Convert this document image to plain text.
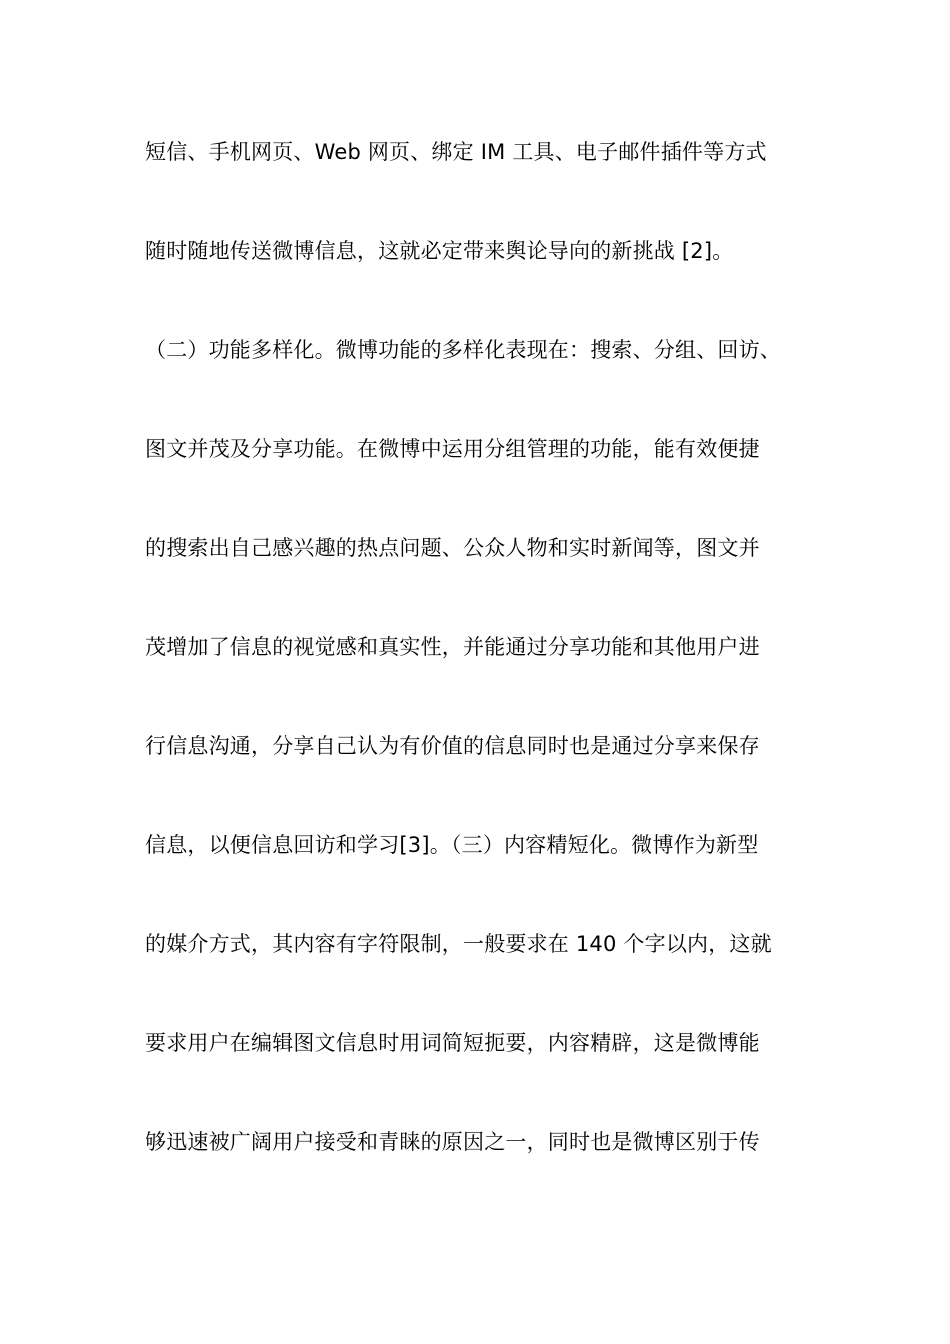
短信、手机网页、Web 网页、绑定 IM 工具、电子邮件插件等方式
随时随地传送微博信息，这就必定带来舆论导向的新挑战 [2]。
（二）功能多样化。微博功能的多样化表现在：搜索、分组、回访、
图文并茂及分享功能。在微博中运用分组管理的功能，能有效便捷
的搜索出自己感兴趣的热点问题、公众人物和实时新闻等，图文并
茂增加了信息的视觉感和真实性，并能通过分享功能和其他用户进
行信息沟通，分享自己认为有价值的信息同时也是通过分享来保存
信息，以便信息回访和学习[3]。（三）内容精短化。微博作为新型
的媒介方式，其内容有字符限制，一般要求在 140 个字以内，这就
要求用户在编辑图文信息时用词简短扼要，内容精辟，这是微博能
够迅速被广阔用户接受和青睐的原因之一，同时也是微博区别于传
